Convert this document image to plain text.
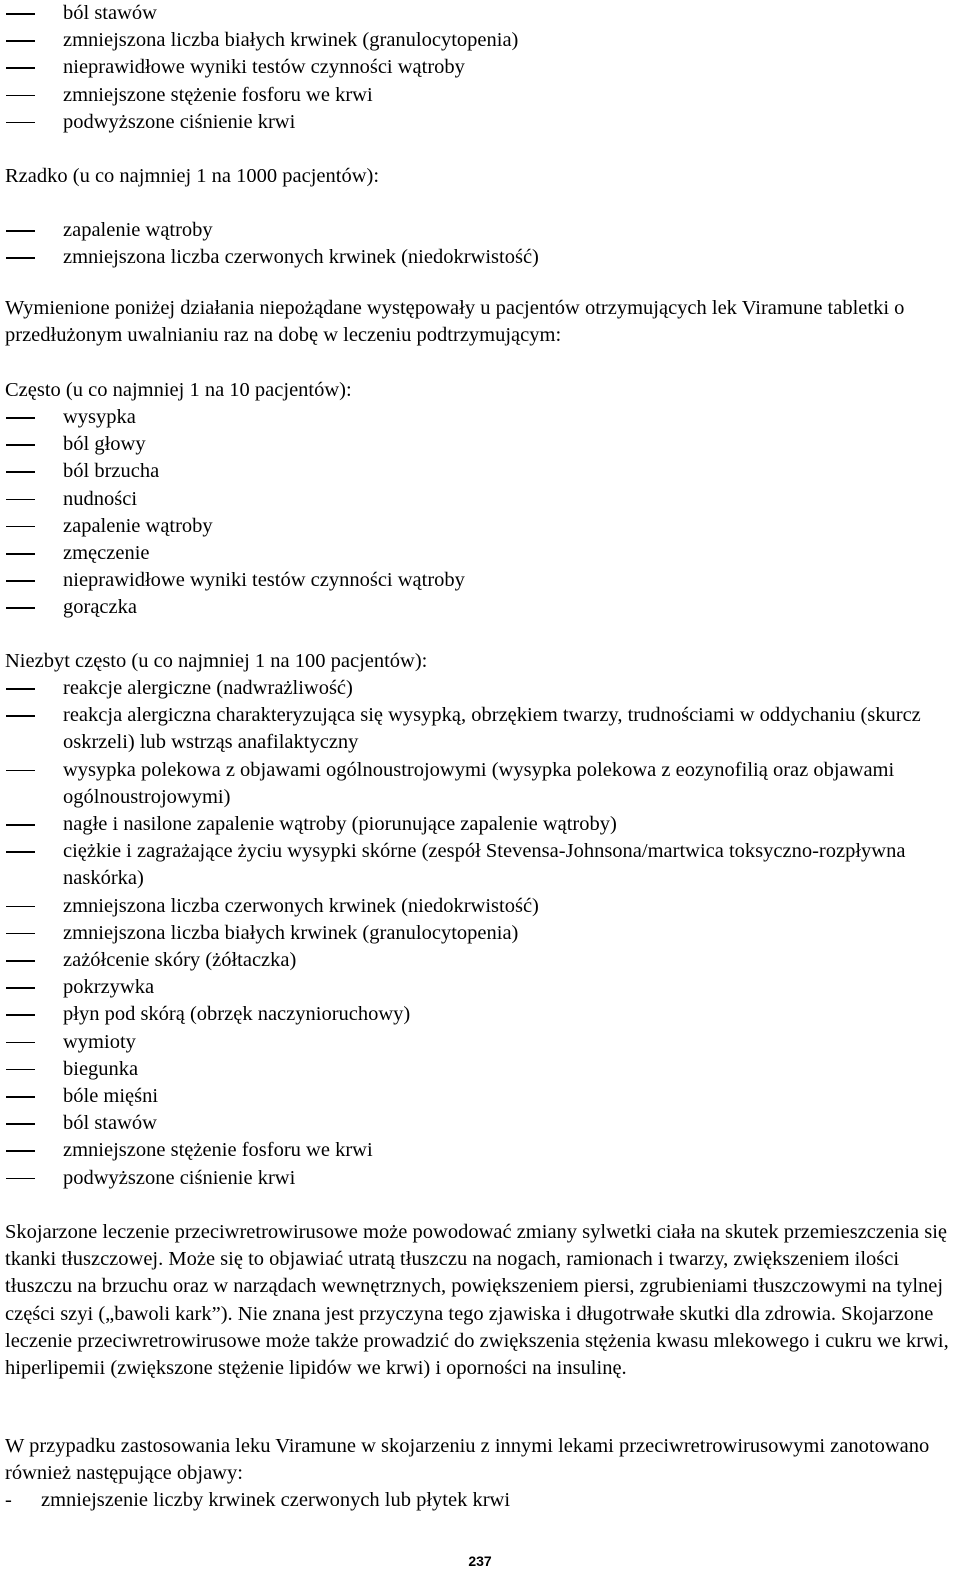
ból stawów
zmniejszona liczba białych krwinek (granulocytopenia)
nieprawidłowe wyniki testów czynności wątroby
zmniejszone stężenie fosforu we krwi
podwyższone ciśnienie krwi
Rzadko (u co najmniej 1 na 1000 pacjentów):
zapalenie wątroby
zmniejszona liczba czerwonych krwinek (niedokrwistość)

Wymienione poniżej działania niepożądane występowały u pacjentów otrzymujących lek Viramune tabletki o przedłużonym uwalnianiu raz na dobę w leczeniu podtrzymującym:

Często (u co najmniej 1 na 10 pacjentów):
wysypka
ból głowy
ból brzucha
nudności
zapalenie wątroby
zmęczenie
nieprawidłowe wyniki testów czynności wątroby
gorączka
Niezbyt często (u co najmniej 1 na 100 pacjentów):
reakcje alergiczne (nadwrażliwość)
reakcja alergiczna charakteryzująca się wysypką, obrzękiem twarzy, trudnościami w oddychaniu (skurcz oskrzeli) lub wstrząs anafilaktyczny
wysypka polekowa z objawami ogólnoustrojowymi (wysypka polekowa z eozynofilią oraz objawami ogólnoustrojowymi)
nagłe i nasilone zapalenie wątroby (piorunujące zapalenie wątroby)
ciężkie i zagrażające życiu wysypki skórne (zespół Stevensa-Johnsona/martwica toksyczno-rozpływna naskórka)
zmniejszona liczba czerwonych krwinek (niedokrwistość)
zmniejszona liczba białych krwinek (granulocytopenia)
zażółcenie skóry (żółtaczka)
pokrzywka
płyn pod skórą (obrzęk naczynioruchowy)
wymioty
biegunka
bóle mięśni
ból stawów
zmniejszone stężenie fosforu we krwi
podwyższone ciśnienie krwi

Skojarzone leczenie przeciwretrowirusowe może powodować zmiany sylwetki ciała na skutek przemieszczenia się tkanki tłuszczowej. Może się to objawiać utratą tłuszczu na nogach, ramionach i twarzy, zwiększeniem ilości tłuszczu na brzuchu oraz w narządach wewnętrznych, powiększeniem piersi, zgrubieniami tłuszczowymi na tylnej części szyi („bawoli kark”). Nie znana jest przyczyna tego zjawiska i długotrwałe skutki dla zdrowia. Skojarzone leczenie przeciwretrowirusowe może także prowadzić do zwiększenia stężenia kwasu mlekowego i cukru we krwi, hiperlipemii (zwiększone stężenie lipidów we krwi) i oporności na insulinę.

W przypadku zastosowania leku Viramune w skojarzeniu z innymi lekami przeciwretrowirusowymi zanotowano również następujące objawy:

- zmniejszenie liczby krwinek czerwonych lub płytek krwi
237
